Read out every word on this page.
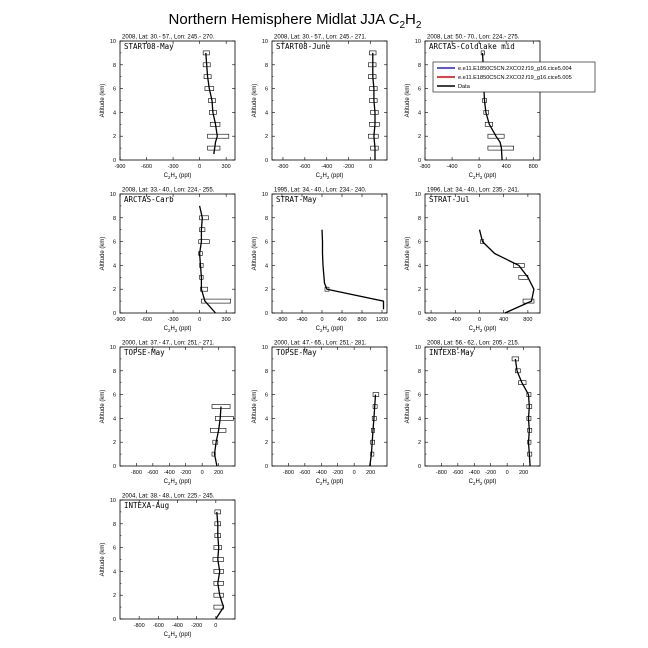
Northern Hemisphere Midlat JJA $C_2H_2$
0
2
4
6
8
10
-900	-600	-300	0	300
2008, Lat: 30.- 57., Lon: 245.- 270.
START08-May
Altitude (km)
$C_2H_2$ (ppt)
0
2
4
6
8
10
-800 -600 -400 -200	0
2008, Lat: 30.- 57., Lon: 245.- 271.
START08-June
Altitude (km)
$C_2H_2$ (ppt)
0
2
4
6
8
10
-800	-400	0	400	800
2008, Lat: 50.- 70., Lon: 224.- 275.
ARCTAS-Coldlake mid
Altitude (km)
$C_2H_2$ (ppt)
0
2
4
6
8
10
-900	-600	-300	0	300
2008, Lat: 33.- 40., Lon: 224.- 255.
ARCTAS-Carb
Altitude (km)
$C_2H_2$ (ppt)
0
2
4
6
8
10
-800 -400 0	400 800 1200
1995, Lat: 34.- 40., Lon: 234.- 240.
STRAT-May
Altitude (km)
$C_2H_2$ (ppt)
0
2
4
6
8
10
-800 -400	0	400	800
1996, Lat: 34.- 40., Lon: 235.- 241.
STRAT-Jul
Altitude (km)
$C_2H_2$ (ppt)
0
2
4
6
8
10
-800 -600 -400 -200 0 200
2000, Lat: 37.- 47., Lon: 251.- 271.
TOPSE-May
Altitude (km)
$C_2H_2$ (ppt)
0
2
4
6
8
10
-800 -600 -400 -200 0 200
2000, Lat: 47.- 65., Lon: 251.- 281.
TOPSE-May
Altitude (km)
$C_2H_2$ (ppt)
0
2
4
6
8
10
-800 -600 -400 -200 0 200
2008, Lat: 56.- 62., Lon: 205.- 215.
INTEXB-May
Altitude (km)
$C_2H_2$ (ppt)
0
2
4
6
8
10
-800 -600 -400 -200 0
2004, Lat: 38.- 48., Lon: 225.- 245.
INTEXA-Aug
Altitude (km)
$C_2H_2$ (ppt)
e.e11.E1850C5CN.2XCO2.f19_g16.cice5.004
e.e11.E1850C5CN.2XCO2.f19_g16.cice5.005
Data
